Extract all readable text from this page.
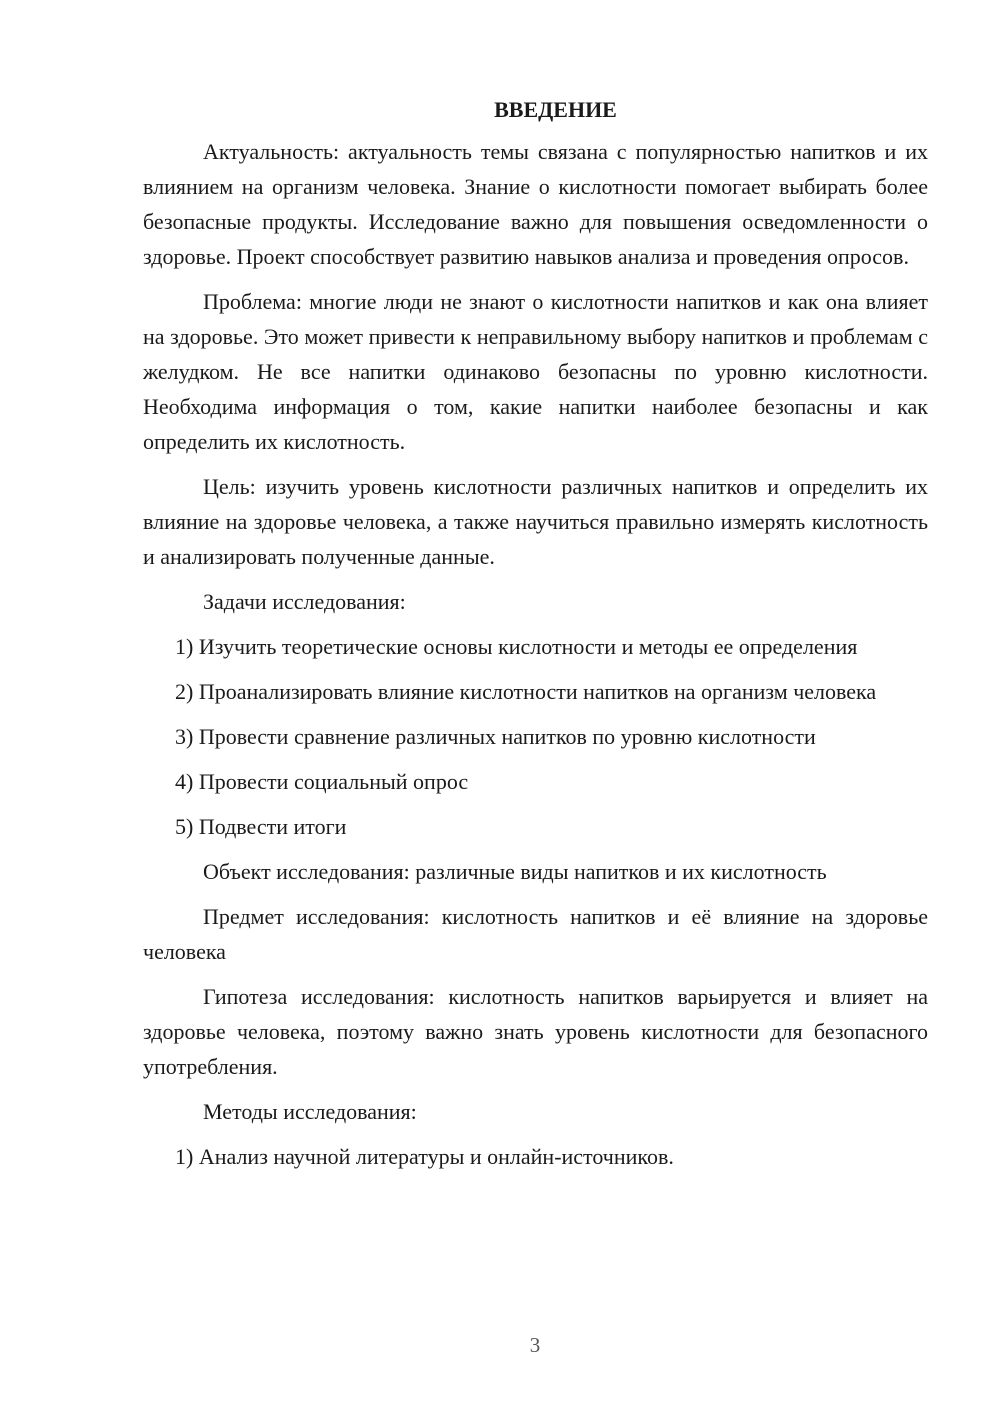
ВВЕДЕНИЕ

Актуальность: актуальность темы связана с популярностью напитков и их влиянием на организм человека. Знание о кислотности помогает выбирать более безопасные продукты. Исследование важно для повышения осведомленности о здоровье. Проект способствует развитию навыков анализа и проведения опросов.

Проблема: многие люди не знают о кислотности напитков и как она влияет на здоровье. Это может привести к неправильному выбору напитков и проблемам с желудком. Не все напитки одинаково безопасны по уровню кислотности. Необходима информация о том, какие напитки наиболее безопасны и как определить их кислотность.

Цель: изучить уровень кислотности различных напитков и определить их влияние на здоровье человека, а также научиться правильно измерять кислотность и анализировать полученные данные.

Задачи исследования:

1) Изучить теоретические основы кислотности и методы ее определения

2) Проанализировать влияние кислотности напитков на организм человека

3) Провести сравнение различных напитков по уровню кислотности

4) Провести социальный опрос

5) Подвести итоги

Объект исследования: различные виды напитков и их кислотность

Предмет исследования: кислотность напитков и её влияние на здоровье человека

Гипотеза исследования: кислотность напитков варьируется и влияет на здоровье человека, поэтому важно знать уровень кислотности для безопасного употребления.

Методы исследования:

1) Анализ научной литературы и онлайн-источников.

3
